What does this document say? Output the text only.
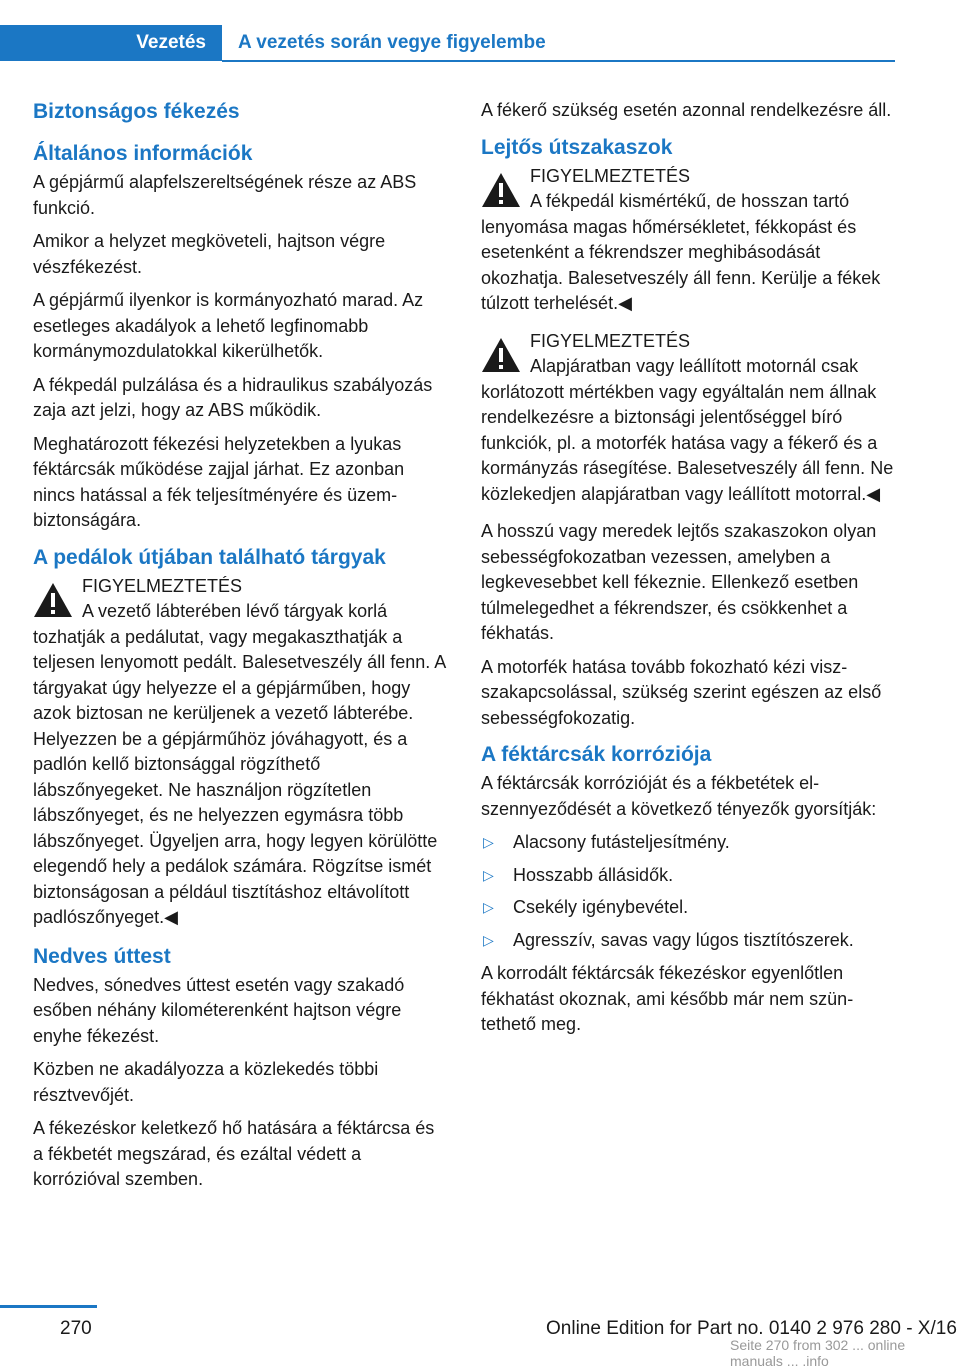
Vezetés	A vezetés során vegye figyelembe
Biztonságos fékezés
Általános információk

A gépjármű alapfelszereltségének része az ABS funkció.

Amikor a helyzet megköveteli, hajtson végre vészfékezést.

A gépjármű ilyenkor is kormányozható marad. Az esetleges akadályok a lehető legfinomabb kormánymozdulatokkal kikerülhetők.

A fékpedál pulzálása és a hidraulikus szabályozás zaja azt jelzi, hogy az ABS működik.

Meghatározott fékezési helyzetekben a lyukas féktárcsák működése zajjal járhat. Ez azonban nincs hatással a fék teljesítményére és üzembiztonságára.

A pedálok útjában található tárgyak
FIGYELMEZTETÉS
A vezető lábterében lévő tárgyak korlá
tozhatják a pedálutat, vagy megakaszthatják a teljesen lenyomott pedált. Balesetveszély áll fenn. A tárgyakat úgy helyezze el a gépjárműben, hogy azok biztosan ne kerüljenek a vezető lábterébe. Helyezzen be a gépjárműhöz jóváhagyott, és a padlón kellő biztonsággal rögzíthető lábszőnyegeket. Ne használjon rögzítetlen lábszőnyeget, és ne helyezzen egymásra több lábszőnyeget. Ügyeljen arra, hogy legyen körülötte elegendő hely a pedálok számára. Rögzítse ismét biztonságosan a például tisztításhoz eltávolított padlószőnyeget.◀
Nedves úttest

Nedves, sónedves úttest esetén vagy szakadó esőben néhány kilométerenként hajtson végre enyhe fékezést.

Közben ne akadályozza a közlekedés többi résztvevőjét.

A fékezéskor keletkező hő hatására a féktárcsa és a fékbetét megszárad, és ezáltal védett a korrózióval szemben.

A fékerő szükség esetén azonnal rendelkezésre áll.

Lejtős útszakaszok
FIGYELMEZTETÉS
A fékpedál kismértékű, de hosszan tartó
lenyomása magas hőmérsékletet, fékkopást és esetenként a fékrendszer meghibásodását okozhatja. Balesetveszély áll fenn. Kerülje a fékek túlzott terhelését.◀
FIGYELMEZTETÉS
Alapjáratban vagy leállított motornál csak
korlátozott mértékben vagy egyáltalán nem állnak rendelkezésre a biztonsági jelentőséggel bíró funkciók, pl. a motorfék hatása vagy a fékerő és a kormányzás rásegítése. Balesetveszély áll fenn. Ne közlekedjen alapjáratban vagy leállított motorral.◀

A hosszú vagy meredek lejtős szakaszokon olyan sebességfokozatban vezessen, amelyben a legkevesebbet kell fékeznie. Ellenkező esetben túlmelegedhet a fékrendszer, és csökkenhet a fékhatás.

A motorfék hatása tovább fokozható kézi viszszakapcsolással, szükség szerint egészen az első sebességfokozatig.

A féktárcsák korróziója

A féktárcsák korrózióját és a fékbetétek elszennyeződését a következő tényezők gyorsítják:

▷ Alacsony futásteljesítmény.
▷ Hosszabb állásidők.
▷ Csekély igénybevétel.
▷ Agresszív, savas vagy lúgos tisztítószerek.

A korrodált féktárcsák fékezéskor egyenlőtlen fékhatást okoznak, ami később már nem szüntethető meg.

270	Online Edition for Part no. 0140 2 976 280 - X/16
Seite 270 from 302 ... online manuals ... .info
